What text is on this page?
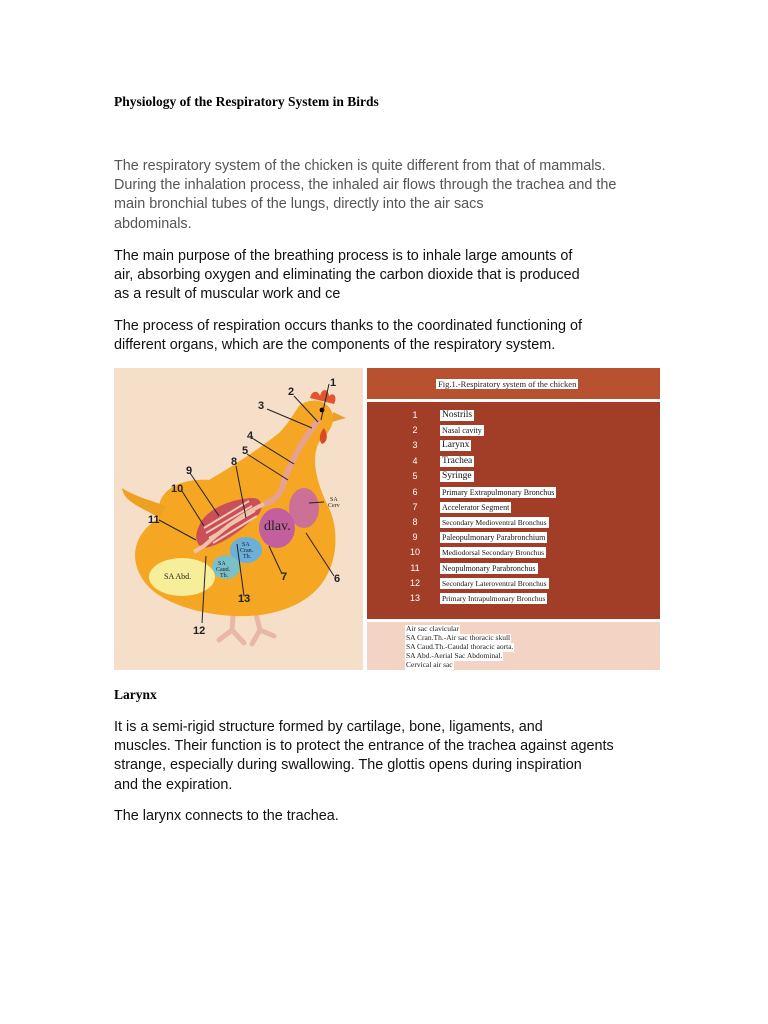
Physiology of the Respiratory System in Birds
The respiratory system of the chicken is quite different from that of mammals.
During the inhalation process, the inhaled air flows through the trachea and the
main bronchial tubes of the lungs, directly into the air sacs
abdominals.
The main purpose of the breathing process is to inhale large amounts of
air, absorbing oxygen and eliminating the carbon dioxide that is produced
as a result of muscular work and ce
The process of respiration occurs thanks to the coordinated functioning of
different organs, which are the components of the respiratory system.
1
2
3
4
5
6
7
8
9
10
11
12
13
SA Cerv
SA Cran. Th.
SA Caud. Th.
SA Abd.
dlav.
Fig.1.-Respiratory system of the chicken
1	Nostrils
2	Nasal cavity
3	Larynx
4	Trachea
5	Syringe
6	Primary Extrapulmonary Bronchus
7	Accelerator Segment
8	Secondary Medioventral Bronchus
9	Paleopulmonary Parabronchium
10	Mediodorsal Secondary Bronchus
11	Neopulmonary Parabronchus
12	Secondary Lateroventral Bronchus
13	Primary Intrapulmonary Bronchus
Air sac clavicular
SA Cran.Th.-Air sac thoracic skull
SA Caud.Th.-Caudal thoracic aorta.
SA Abd.-Aerial Sac Abdominal.
Cervical air sac
Larynx
It is a semi-rigid structure formed by cartilage, bone, ligaments, and
muscles. Their function is to protect the entrance of the trachea against agents
strange, especially during swallowing. The glottis opens during inspiration
and the expiration.
The larynx connects to the trachea.
